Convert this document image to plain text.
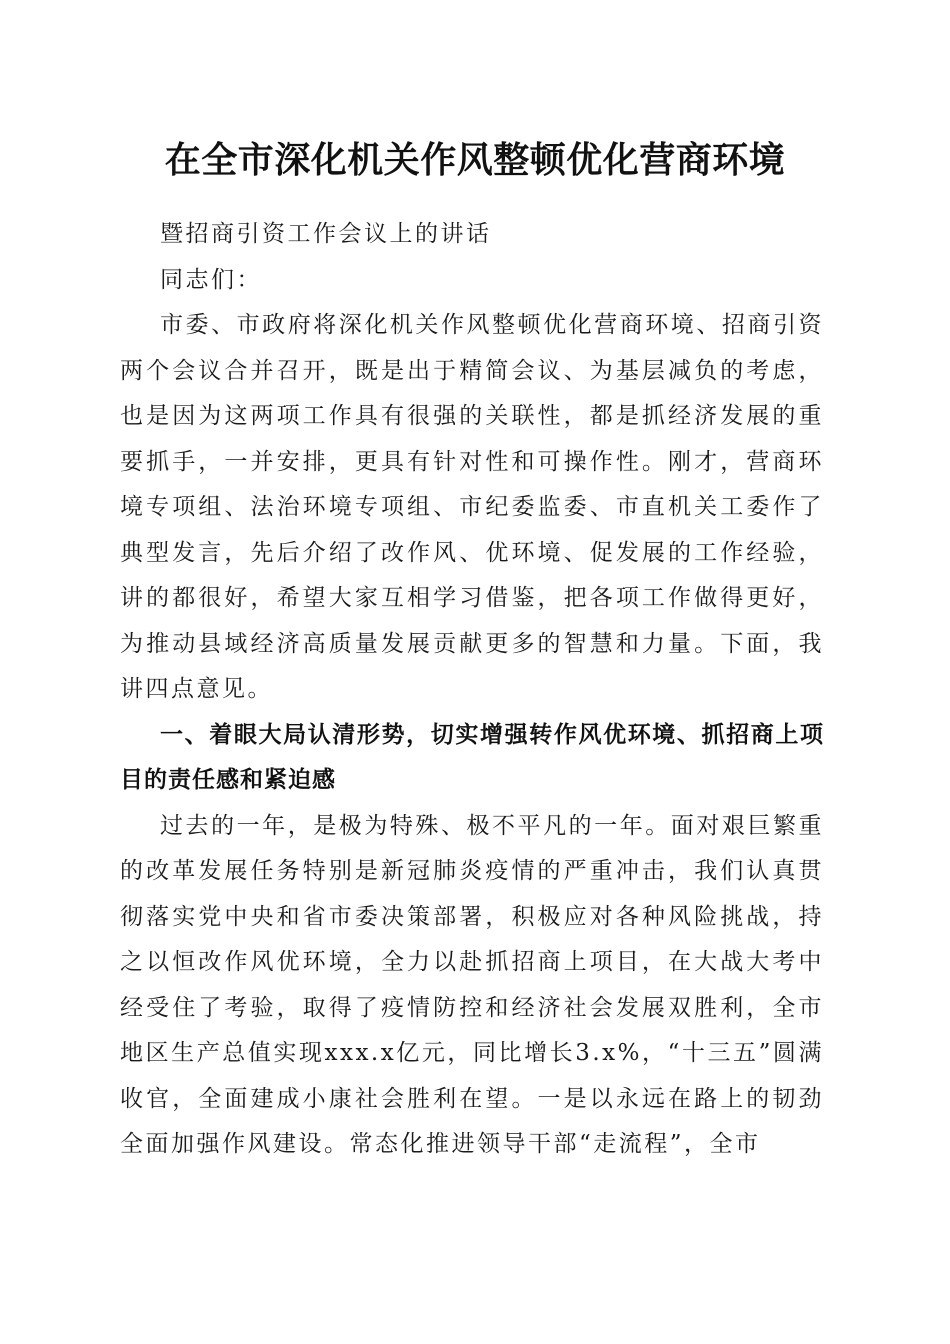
在全市深化机关作风整顿优化营商环境

暨招商引资工作会议上的讲话

同志们：

市委、市政府将深化机关作风整顿优化营商环境、招商引资两个会议合并召开，既是出于精简会议、为基层减负的考虑，也是因为这两项工作具有很强的关联性，都是抓经济发展的重要抓手，一并安排，更具有针对性和可操作性。刚才，营商环境专项组、法治环境专项组、市纪委监委、市直机关工委作了典型发言，先后介绍了改作风、优环境、促发展的工作经验，讲的都很好，希望大家互相学习借鉴，把各项工作做得更好，为推动县域经济高质量发展贡献更多的智慧和力量。下面，我讲四点意见。

一、着眼大局认清形势，切实增强转作风优环境、抓招商上项目的责任感和紧迫感

过去的一年，是极为特殊、极不平凡的一年。面对艰巨繁重的改革发展任务特别是新冠肺炎疫情的严重冲击，我们认真贯彻落实党中央和省市委决策部署，积极应对各种风险挑战，持之以恒改作风优环境，全力以赴抓招商上项目，在大战大考中经受住了考验，取得了疫情防控和经济社会发展双胜利，全市地区生产总值实现xxx.x亿元，同比增长3.x%，“十三五”圆满收官，全面建成小康社会胜利在望。一是以永远在路上的韧劲全面加强作风建设。常态化推进领导干部“走流程”，全市
